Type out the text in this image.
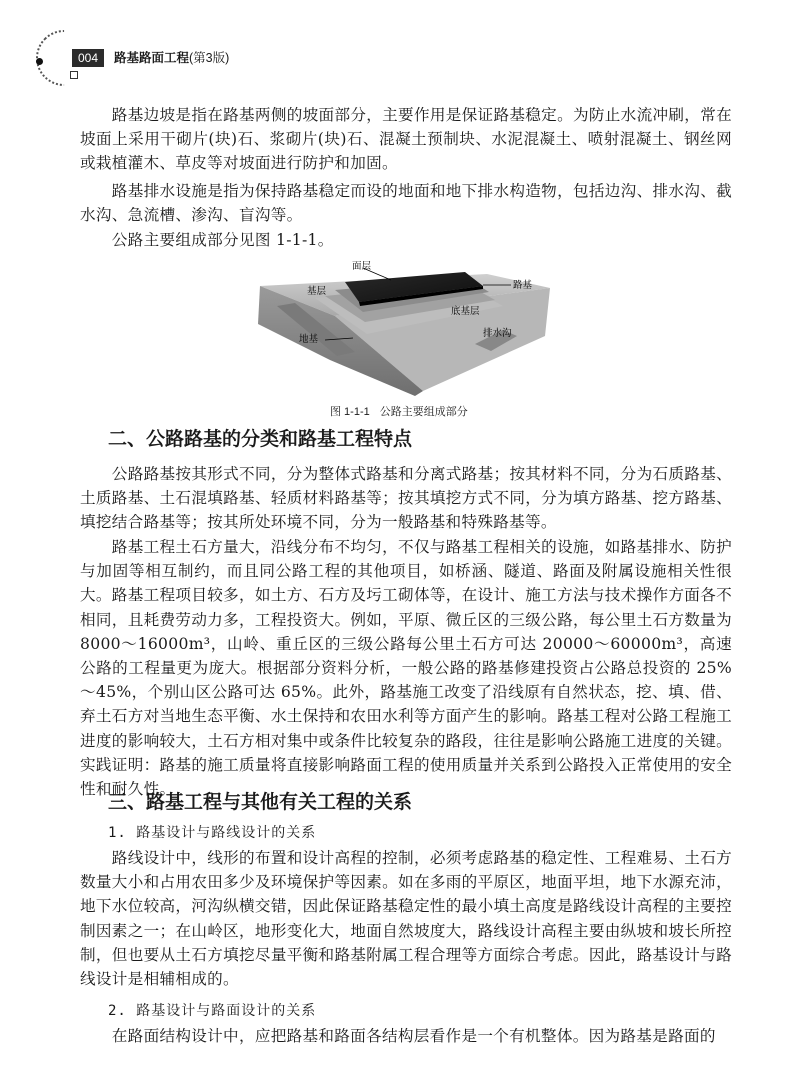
004	路基路面工程(第3版)

　　路基边坡是指在路基两侧的坡面部分，主要作用是保证路基稳定。为防止水流冲刷，常在坡面上采用干砌片(块)石、浆砌片(块)石、混凝土预制块、水泥混凝土、喷射混凝土、钢丝网或栽植灌木、草皮等对坡面进行防护和加固。

　　路基排水设施是指为保持路基稳定而设的地面和地下排水构造物，包括边沟、排水沟、截水沟、急流槽、渗沟、盲沟等。

　　公路主要组成部分见图 1-1-1。

面层
基层
底基层
路基
地基
排水沟
图 1-1-1 公路主要组成部分
二、公路路基的分类和路基工程特点

　　公路路基按其形式不同，分为整体式路基和分离式路基；按其材料不同，分为石质路基、土质路基、土石混填路基、轻质材料路基等；按其填挖方式不同，分为填方路基、挖方路基、填挖结合路基等；按其所处环境不同，分为一般路基和特殊路基等。

　　路基工程土石方量大，沿线分布不均匀，不仅与路基工程相关的设施，如路基排水、防护与加固等相互制约，而且同公路工程的其他项目，如桥涵、隧道、路面及附属设施相关性很大。路基工程项目较多，如土方、石方及圬工砌体等，在设计、施工方法与技术操作方面各不相同，且耗费劳动力多，工程投资大。例如，平原、微丘区的三级公路，每公里土石方数量为 8000～16000m³，山岭、重丘区的三级公路每公里土石方可达 20000～60000m³，高速公路的工程量更为庞大。根据部分资料分析，一般公路的路基修建投资占公路总投资的 25%～45%，个别山区公路可达 65%。此外，路基施工改变了沿线原有自然状态，挖、填、借、弃土石方对当地生态平衡、水土保持和农田水利等方面产生的影响。路基工程对公路工程施工进度的影响较大，土石方相对集中或条件比较复杂的路段，往往是影响公路施工进度的关键。实践证明：路基的施工质量将直接影响路面工程的使用质量并关系到公路投入正常使用的安全性和耐久性。

三、路基工程与其他有关工程的关系

1. 路基设计与路线设计的关系

　　路线设计中，线形的布置和设计高程的控制，必须考虑路基的稳定性、工程难易、土石方数量大小和占用农田多少及环境保护等因素。如在多雨的平原区，地面平坦，地下水源充沛，地下水位较高，河沟纵横交错，因此保证路基稳定性的最小填土高度是路线设计高程的主要控制因素之一；在山岭区，地形变化大，地面自然坡度大，路线设计高程主要由纵坡和坡长所控制，但也要从土石方填挖尽量平衡和路基附属工程合理等方面综合考虑。因此，路基设计与路线设计是相辅相成的。

2. 路基设计与路面设计的关系

　　在路面结构设计中，应把路基和路面各结构层看作是一个有机整体。因为路基是路面的
